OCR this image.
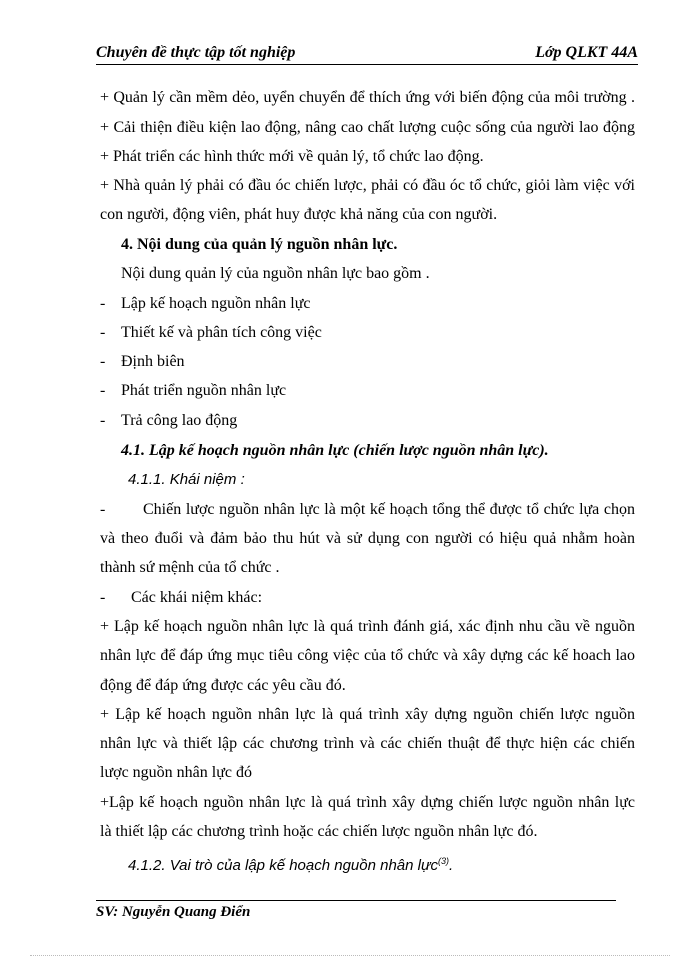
Chuyên đề thực tập tốt nghiệp	Lớp QLKT 44A
+ Quản lý cần mềm dẻo, uyển chuyển để thích ứng với biến động của môi trường .
+ Cải thiện điều kiện lao động, nâng cao chất lượng cuộc sống của người lao động
+ Phát triển các hình thức mới về quản lý, tổ chức lao động.
+ Nhà quản lý phải có đầu óc chiến lược, phải có đầu óc tổ chức, giỏi làm việc với
con người, động viên, phát huy được khả năng của con người.
4. Nội dung của quản lý nguồn nhân lực.
Nội dung quản lý của nguồn nhân lực bao gồm .
- Lập kế hoạch nguồn nhân lực
- Thiết kế và phân tích công việc
- Định biên
- Phát triển nguồn nhân lực
- Trả công lao động
4.1. Lập kế hoạch nguồn nhân lực (chiến lược nguồn nhân lực).
4.1.1. Khái niệm :
- Chiến lược nguồn nhân lực là một kế hoạch tổng thể được tổ chức lựa chọn
và theo đuổi và đảm bảo thu hút và sử dụng con người có hiệu quả nhằm hoàn
thành sứ mệnh của tổ chức .
- Các khái niệm khác:
+ Lập kế hoạch nguồn nhân lực là quá trình đánh giá, xác định nhu cầu về nguồn
nhân lực để đáp ứng mục tiêu công việc của tổ chức và xây dựng các kế hoach lao
động để đáp ứng được các yêu cầu đó.
+ Lập kế hoạch nguồn nhân lực là quá trình xây dựng nguồn chiến lược nguồn
nhân lực và thiết lập các chương trình và các chiến thuật để thực hiện các chiến
lược nguồn nhân lực đó
+Lập kế hoạch nguồn nhân lực là quá trình xây dựng chiến lược nguồn nhân lực
là thiết lập các chương trình hoặc các chiến lược nguồn nhân lực đó.
4.1.2. Vai trò của lập kế hoạch nguồn nhân lực$^{(3)}$.
SV: Nguyễn Quang Điển
